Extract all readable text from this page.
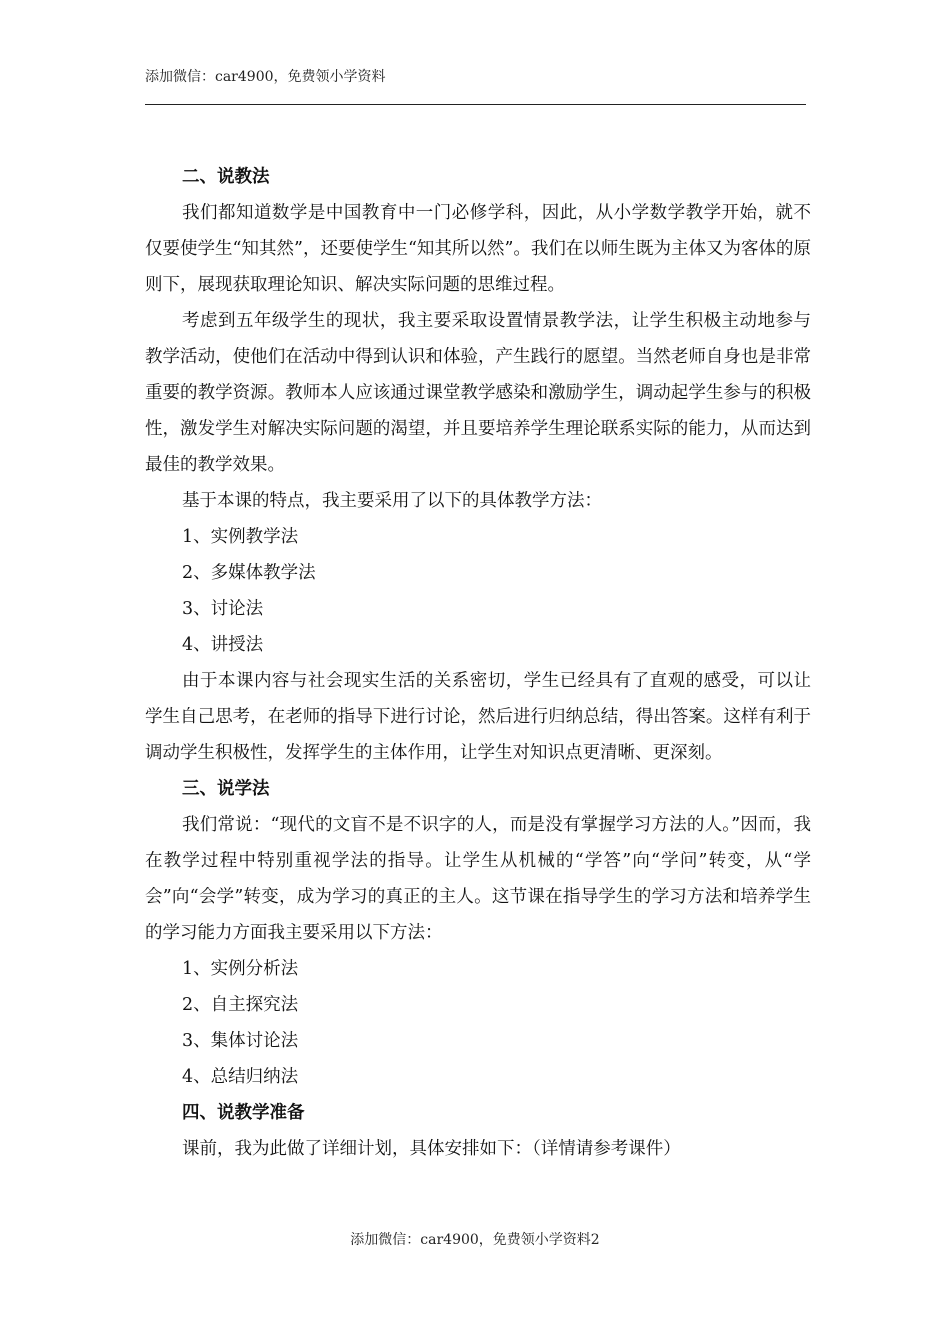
添加微信：car4900，免费领小学资料

二、说教法

我们都知道数学是中国教育中一门必修学科，因此，从小学数学教学开始，就不仅要使学生“知其然”，还要使学生“知其所以然”。我们在以师生既为主体又为客体的原则下，展现获取理论知识、解决实际问题的思维过程。

考虑到五年级学生的现状，我主要采取设置情景教学法，让学生积极主动地参与教学活动，使他们在活动中得到认识和体验，产生践行的愿望。当然老师自身也是非常重要的教学资源。教师本人应该通过课堂教学感染和激励学生，调动起学生参与的积极性，激发学生对解决实际问题的渴望，并且要培养学生理论联系实际的能力，从而达到最佳的教学效果。

基于本课的特点，我主要采用了以下的具体教学方法：

1、实例教学法

2、多媒体教学法

3、讨论法

4、讲授法

由于本课内容与社会现实生活的关系密切，学生已经具有了直观的感受，可以让学生自己思考，在老师的指导下进行讨论，然后进行归纳总结，得出答案。这样有利于调动学生积极性，发挥学生的主体作用，让学生对知识点更清晰、更深刻。

三、说学法

我们常说：“现代的文盲不是不识字的人，而是没有掌握学习方法的人。”因而，我在教学过程中特别重视学法的指导。让学生从机械的“学答”向“学问”转变，从“学会”向“会学”转变，成为学习的真正的主人。这节课在指导学生的学习方法和培养学生的学习能力方面我主要采用以下方法：

1、实例分析法

2、自主探究法

3、集体讨论法

4、总结归纳法

四、说教学准备

课前，我为此做了详细计划，具体安排如下：（详情请参考课件）

添加微信：car4900，免费领小学资料2
